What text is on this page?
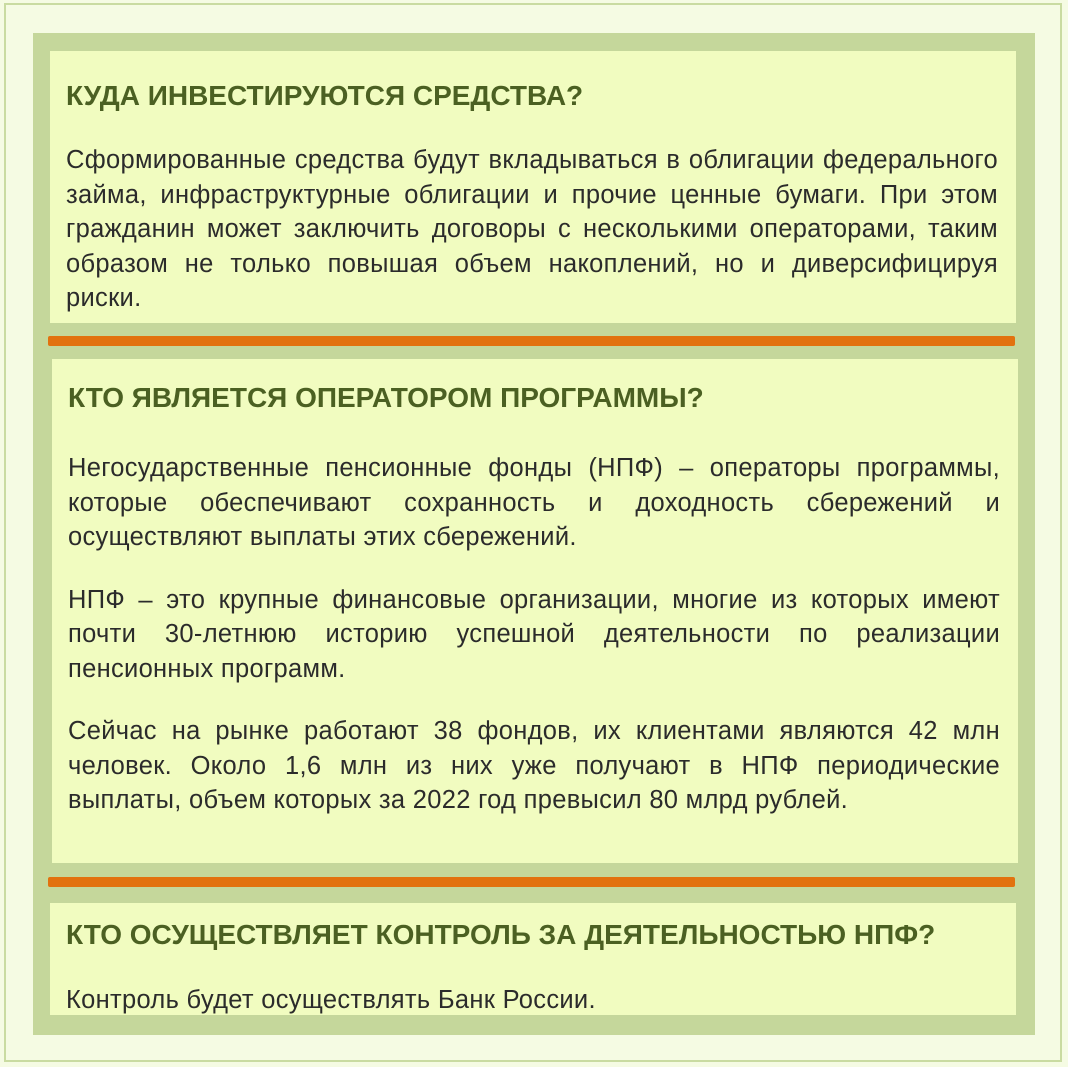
КУДА ИНВЕСТИРУЮТСЯ СРЕДСТВА?

Сформированные средства будут вкладываться в облигации федерального займа, инфраструктурные облигации и прочие ценные бумаги. При этом гражданин может заключить договоры с несколькими операторами, таким образом не только повышая объем накоплений, но и диверсифицируя риски.

КТО ЯВЛЯЕТСЯ ОПЕРАТОРОМ ПРОГРАММЫ?

Негосударственные пенсионные фонды (НПФ) – операторы программы, которые обеспечивают сохранность и доходность сбережений и осуществляют выплаты этих сбережений.

НПФ – это крупные финансовые организации, многие из которых имеют почти 30-летнюю историю успешной деятельности по реализации пенсионных программ.

Сейчас на рынке работают 38 фондов, их клиентами являются 42 млн человек. Около 1,6 млн из них уже получают в НПФ периодические выплаты, объем которых за 2022 год превысил 80 млрд рублей.

КТО ОСУЩЕСТВЛЯЕТ КОНТРОЛЬ ЗА ДЕЯТЕЛЬНОСТЬЮ НПФ?

Контроль будет осуществлять Банк России.
